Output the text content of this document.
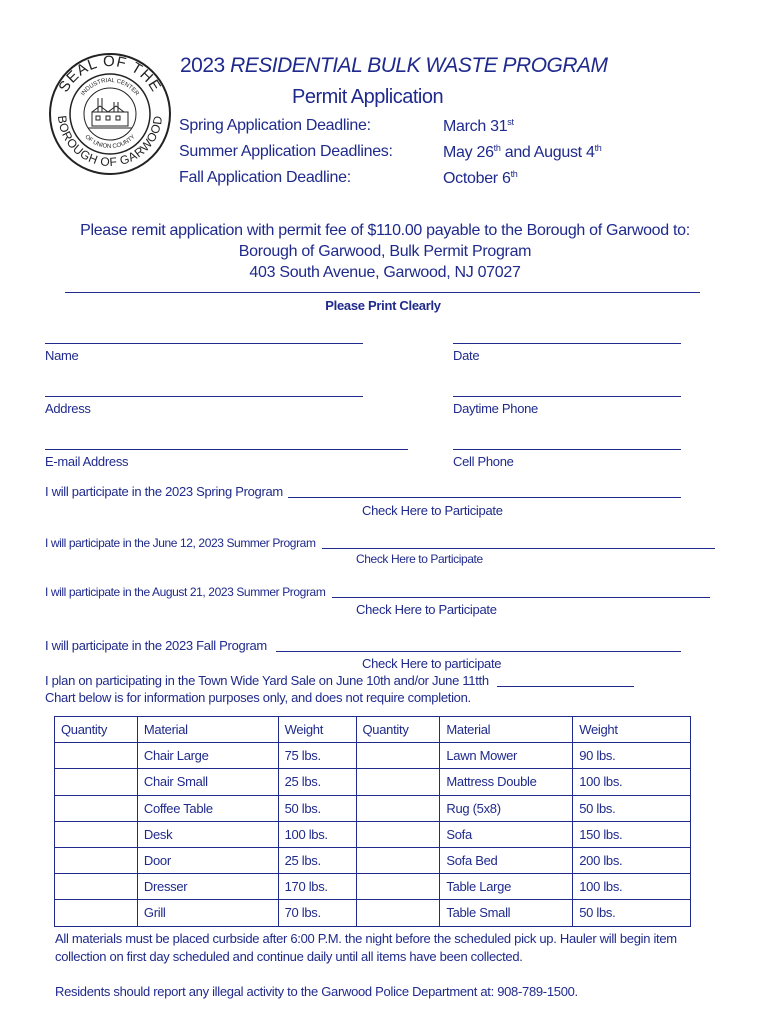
SEAL OF THE
BOROUGH OF GARWOOD
INDUSTRIAL CENTER
OF UNION COUNTY
2023 RESIDENTIAL BULK WASTE PROGRAM
Permit Application
Spring Application Deadline:	March 31st
Summer Application Deadlines:	May 26th and August 4th
Fall Application Deadline:	October 6th
Please remit application with permit fee of $110.00 payable to the Borough of Garwood to:
Borough of Garwood, Bulk Permit Program
403 South Avenue, Garwood, NJ 07027
Please Print Clearly
Name	Date
Address	Daytime Phone
E-mail Address	Cell Phone
I will participate in the 2023 Spring Program
Check Here to Participate
I will participate in the June 12, 2023 Summer Program
Check Here to Participate
I will participate in the August 21, 2023 Summer Program
Check Here to Participate
I will participate in the 2023 Fall Program
Check Here to participate
I plan on participating in the Town Wide Yard Sale on June 10th and/or June 11tth
Chart below is for information purposes only, and does not require completion.
Quantity	Material	Weight	Quantity	Material	Weight
	Chair Large	75 lbs.		Lawn Mower	90 lbs.
	Chair Small	25 lbs.		Mattress Double	100 lbs.
	Coffee Table	50 lbs.		Rug (5x8)	50 lbs.
	Desk	100 lbs.		Sofa	150 lbs.
	Door	25 lbs.		Sofa Bed	200 lbs.
	Dresser	170 lbs.		Table Large	100 lbs.
	Grill	70 lbs.		Table Small	50 lbs.
All materials must be placed curbside after 6:00 P.M. the night before the scheduled pick up. Hauler will begin item
collection on first day scheduled and continue daily until all items have been collected.
Residents should report any illegal activity to the Garwood Police Department at: 908-789-1500.
